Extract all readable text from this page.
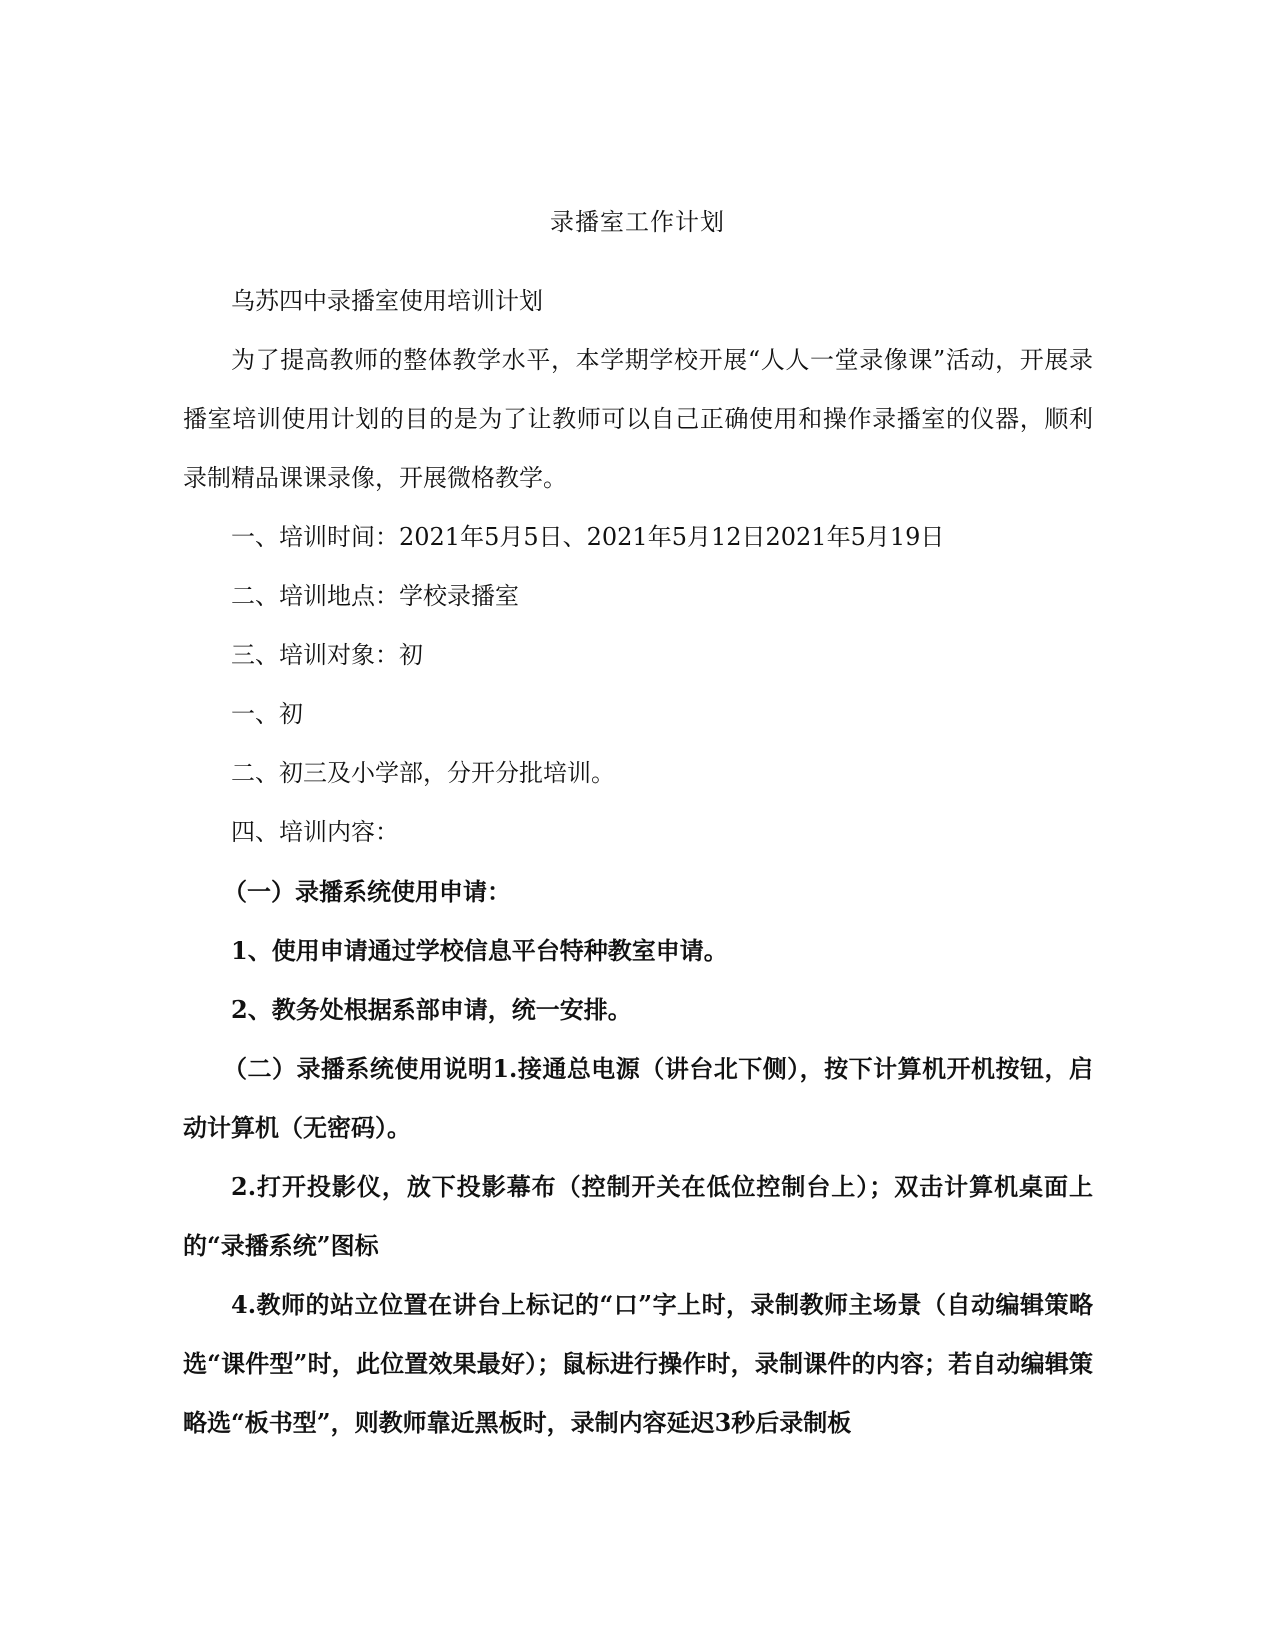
录播室工作计划

乌苏四中录播室使用培训计划

为了提高教师的整体教学水平，本学期学校开展“人人一堂录像课”活动，开展录播室培训使用计划的目的是为了让教师可以自己正确使用和操作录播室的仪器，顺利录制精品课课录像，开展微格教学。

一、培训时间：2021年5月5日、2021年5月12日2021年5月19日

二、培训地点：学校录播室

三、培训对象：初

一、初

二、初三及小学部，分开分批培训。

四、培训内容：

（一）录播系统使用申请：

1、使用申请通过学校信息平台特种教室申请。

2、教务处根据系部申请，统一安排。

（二）录播系统使用说明1.接通总电源（讲台北下侧），按下计算机开机按钮，启动计算机（无密码）。

2.打开投影仪，放下投影幕布（控制开关在低位控制台上）；双击计算机桌面上的“录播系统”图标

4.教师的站立位置在讲台上标记的“口”字上时，录制教师主场景（自动编辑策略选“课件型”时，此位置效果最好）；鼠标进行操作时，录制课件的内容；若自动编辑策略选“板书型”，则教师靠近黑板时，录制内容延迟3秒后录制板
